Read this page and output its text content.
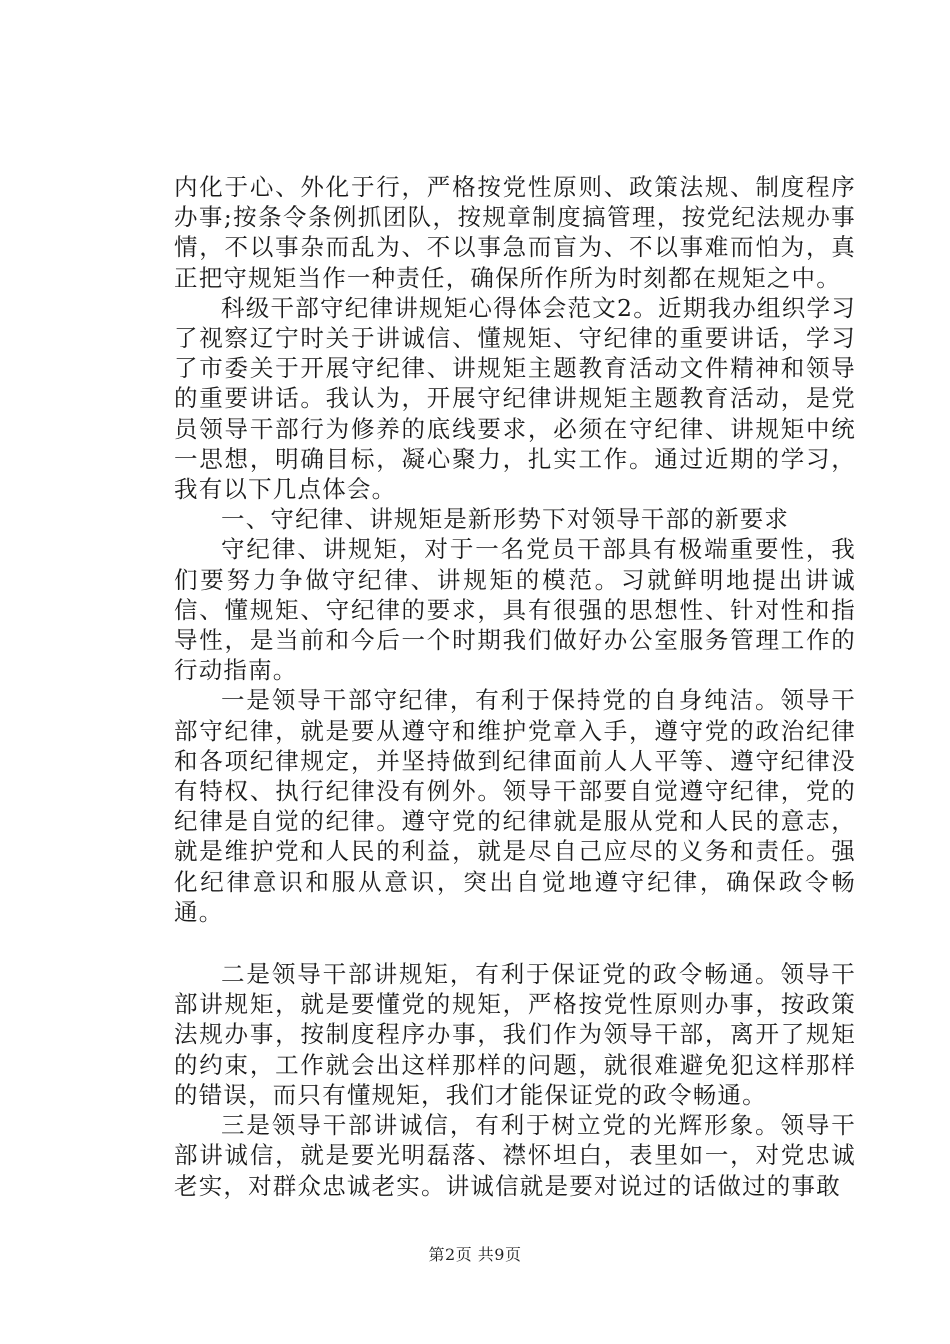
内化于心、外化于行，严格按党性原则、政策法规、制度程序办事;按条令条例抓团队，按规章制度搞管理，按党纪法规办事情，不以事杂而乱为、不以事急而盲为、不以事难而怕为，真正把守规矩当作一种责任，确保所作所为时刻都在规矩之中。

科级干部守纪律讲规矩心得体会范文2。近期我办组织学习了视察辽宁时关于讲诚信、懂规矩、守纪律的重要讲话，学习了市委关于开展守纪律、讲规矩主题教育活动文件精神和领导的重要讲话。我认为，开展守纪律讲规矩主题教育活动，是党员领导干部行为修养的底线要求，必须在守纪律、讲规矩中统一思想，明确目标，凝心聚力，扎实工作。通过近期的学习，我有以下几点体会。

一、守纪律、讲规矩是新形势下对领导干部的新要求

守纪律、讲规矩，对于一名党员干部具有极端重要性，我们要努力争做守纪律、讲规矩的模范。习就鲜明地提出讲诚信、懂规矩、守纪律的要求，具有很强的思想性、针对性和指导性，是当前和今后一个时期我们做好办公室服务管理工作的行动指南。

一是领导干部守纪律，有利于保持党的自身纯洁。领导干部守纪律，就是要从遵守和维护党章入手，遵守党的政治纪律和各项纪律规定，并坚持做到纪律面前人人平等、遵守纪律没有特权、执行纪律没有例外。领导干部要自觉遵守纪律，党的纪律是自觉的纪律。遵守党的纪律就是服从党和人民的意志，就是维护党和人民的利益，就是尽自己应尽的义务和责任。强化纪律意识和服从意识，突出自觉地遵守纪律，确保政令畅通。

二是领导干部讲规矩，有利于保证党的政令畅通。领导干部讲规矩，就是要懂党的规矩，严格按党性原则办事，按政策法规办事，按制度程序办事，我们作为领导干部，离开了规矩的约束，工作就会出这样那样的问题，就很难避免犯这样那样的错误，而只有懂规矩，我们才能保证党的政令畅通。

三是领导干部讲诚信，有利于树立党的光辉形象。领导干部讲诚信，就是要光明磊落、襟怀坦白，表里如一，对党忠诚老实，对群众忠诚老实。讲诚信就是要对说过的话做过的事敢

第2页 共9页
